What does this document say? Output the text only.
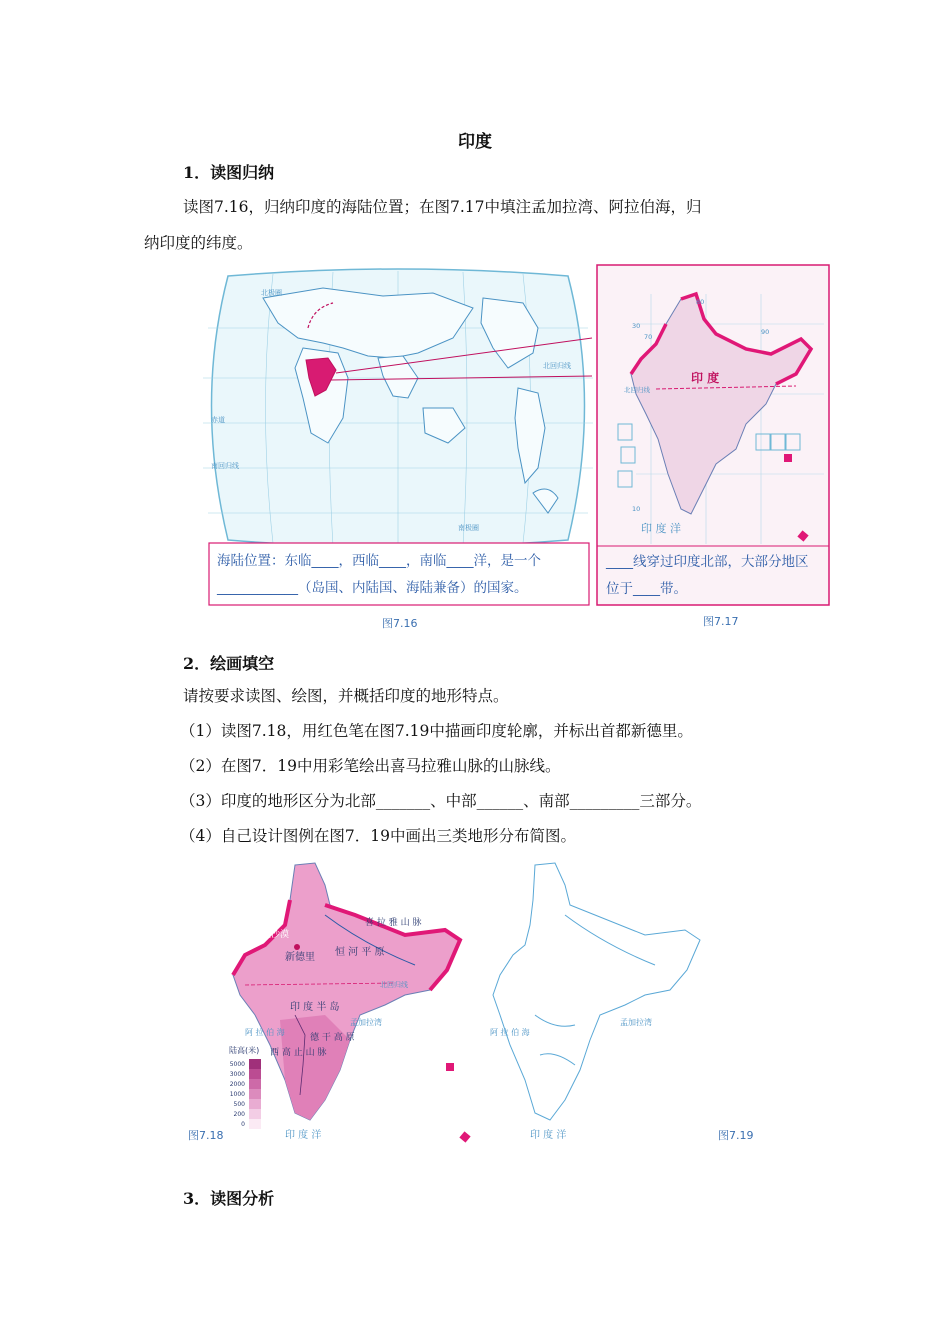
印度
1．读图归纳
读图7.16，归纳印度的海陆位置；在图7.17中填注孟加拉湾、阿拉伯海，归
纳印度的纬度。
北极圈
北回归线
赤道
南回归线
南极圈
海陆位置：东临____，西临____，南临____洋，是一个
____________（岛国、内陆国、海陆兼备）的国家。
图7.16
印 度
印 度 洋
80
70
90
30
10
北回归线
____线穿过印度北部，大部分地区
位于____带。
图7.17
2．绘画填空
请按要求读图、绘图，并概括印度的地形特点。
（1）读图7.18，用红色笔在图7.19中描画印度轮廓，并标出首都新德里。
（2）在图7．19中用彩笔绘出喜马拉雅山脉的山脉线。
（3）印度的地形区分为北部_______、中部______、南部_________三部分。
（4）自己设计图例在图7．19中画出三类地形分布简图。
新德里 恒 河 平 原
喜 拉 雅 山 脉
印 度 半 岛
德 干 高 原
西 高 止 山 脉
印度沙漠
孟加拉湾
阿 拉 伯 海
北回归线
印 度 洋
陆高(米)
5000
3000
2000
1000
500
200
0
图7.18
孟加拉湾
阿 拉 伯 海
印 度 洋	图7.19
3．读图分析
